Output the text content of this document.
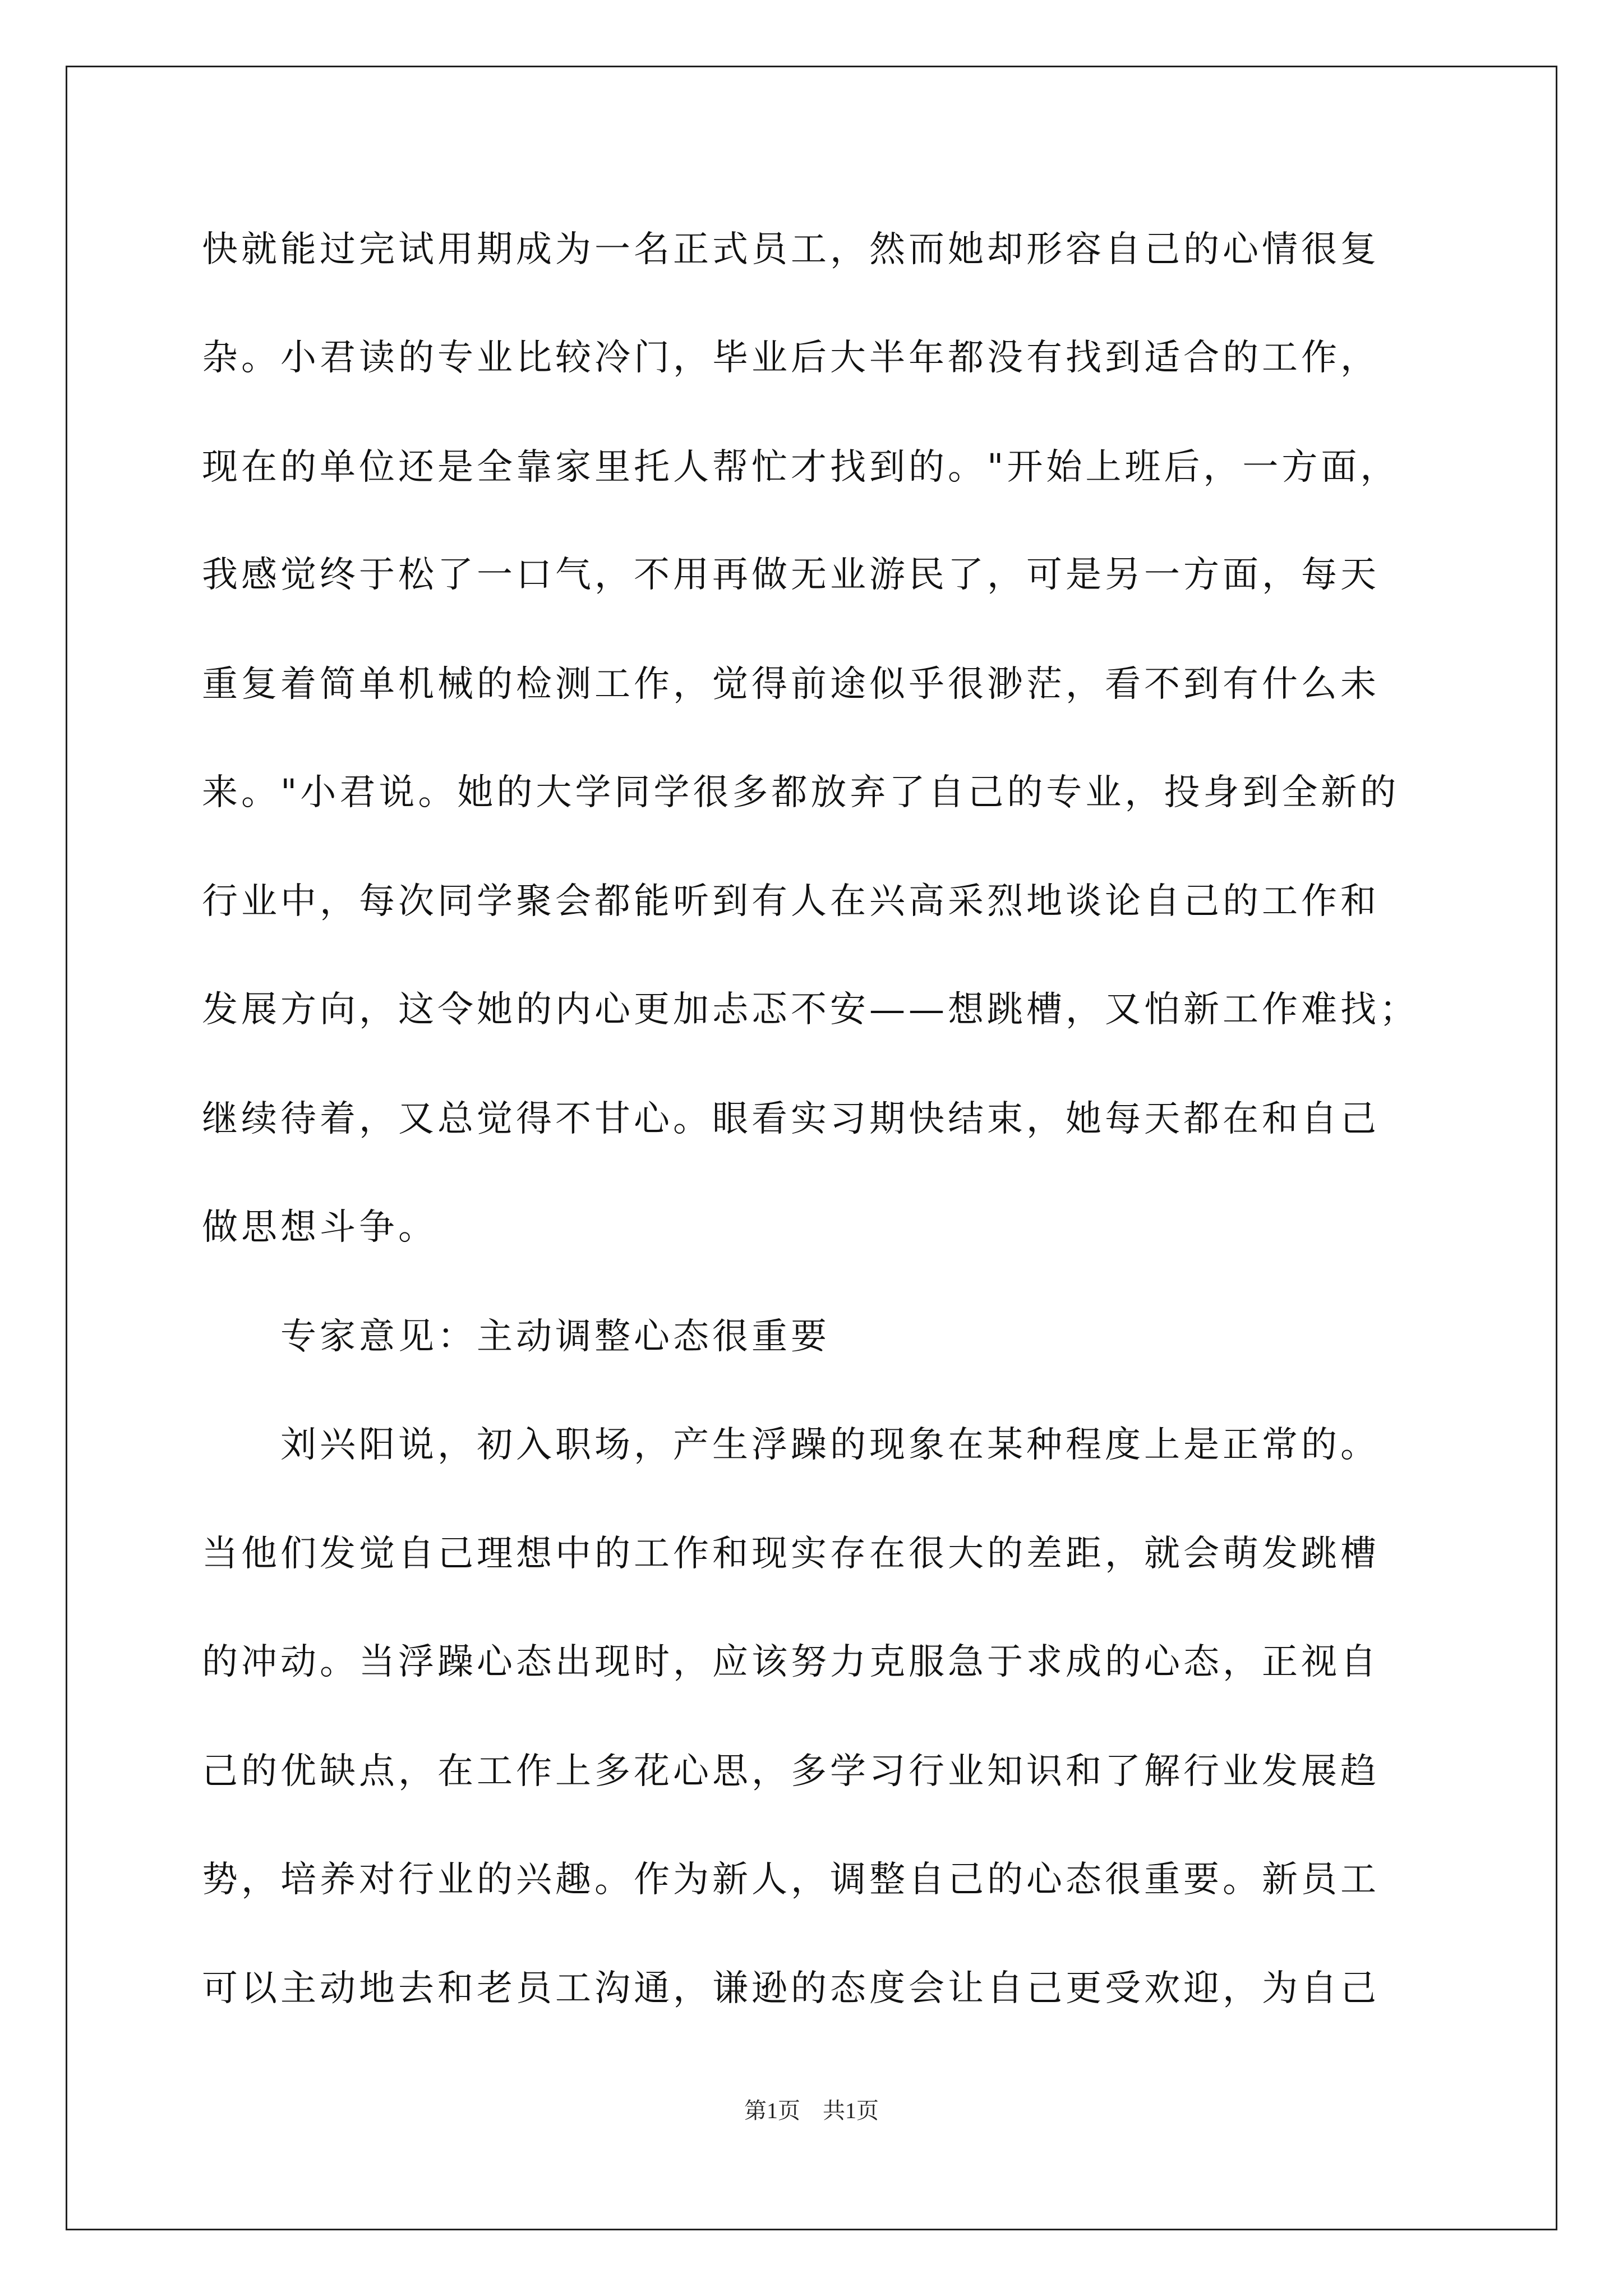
快就能过完试用期成为一名正式员工，然而她却形容自己的心情很复
杂。小君读的专业比较冷门，毕业后大半年都没有找到适合的工作，
现在的单位还是全靠家里托人帮忙才找到的。"开始上班后，一方面，
我感觉终于松了一口气，不用再做无业游民了，可是另一方面，每天
重复着简单机械的检测工作，觉得前途似乎很渺茫，看不到有什么未
来。"小君说。她的大学同学很多都放弃了自己的专业，投身到全新的
行业中，每次同学聚会都能听到有人在兴高采烈地谈论自己的工作和
发展方向，这令她的内心更加忐忑不安——想跳槽，又怕新工作难找；
继续待着，又总觉得不甘心。眼看实习期快结束，她每天都在和自己
做思想斗争。
专家意见：主动调整心态很重要
刘兴阳说，初入职场，产生浮躁的现象在某种程度上是正常的。
当他们发觉自己理想中的工作和现实存在很大的差距，就会萌发跳槽
的冲动。当浮躁心态出现时，应该努力克服急于求成的心态，正视自
己的优缺点，在工作上多花心思，多学习行业知识和了解行业发展趋
势，培养对行业的兴趣。作为新人，调整自己的心态很重要。新员工
可以主动地去和老员工沟通，谦逊的态度会让自己更受欢迎，为自己
第1页 共1页
